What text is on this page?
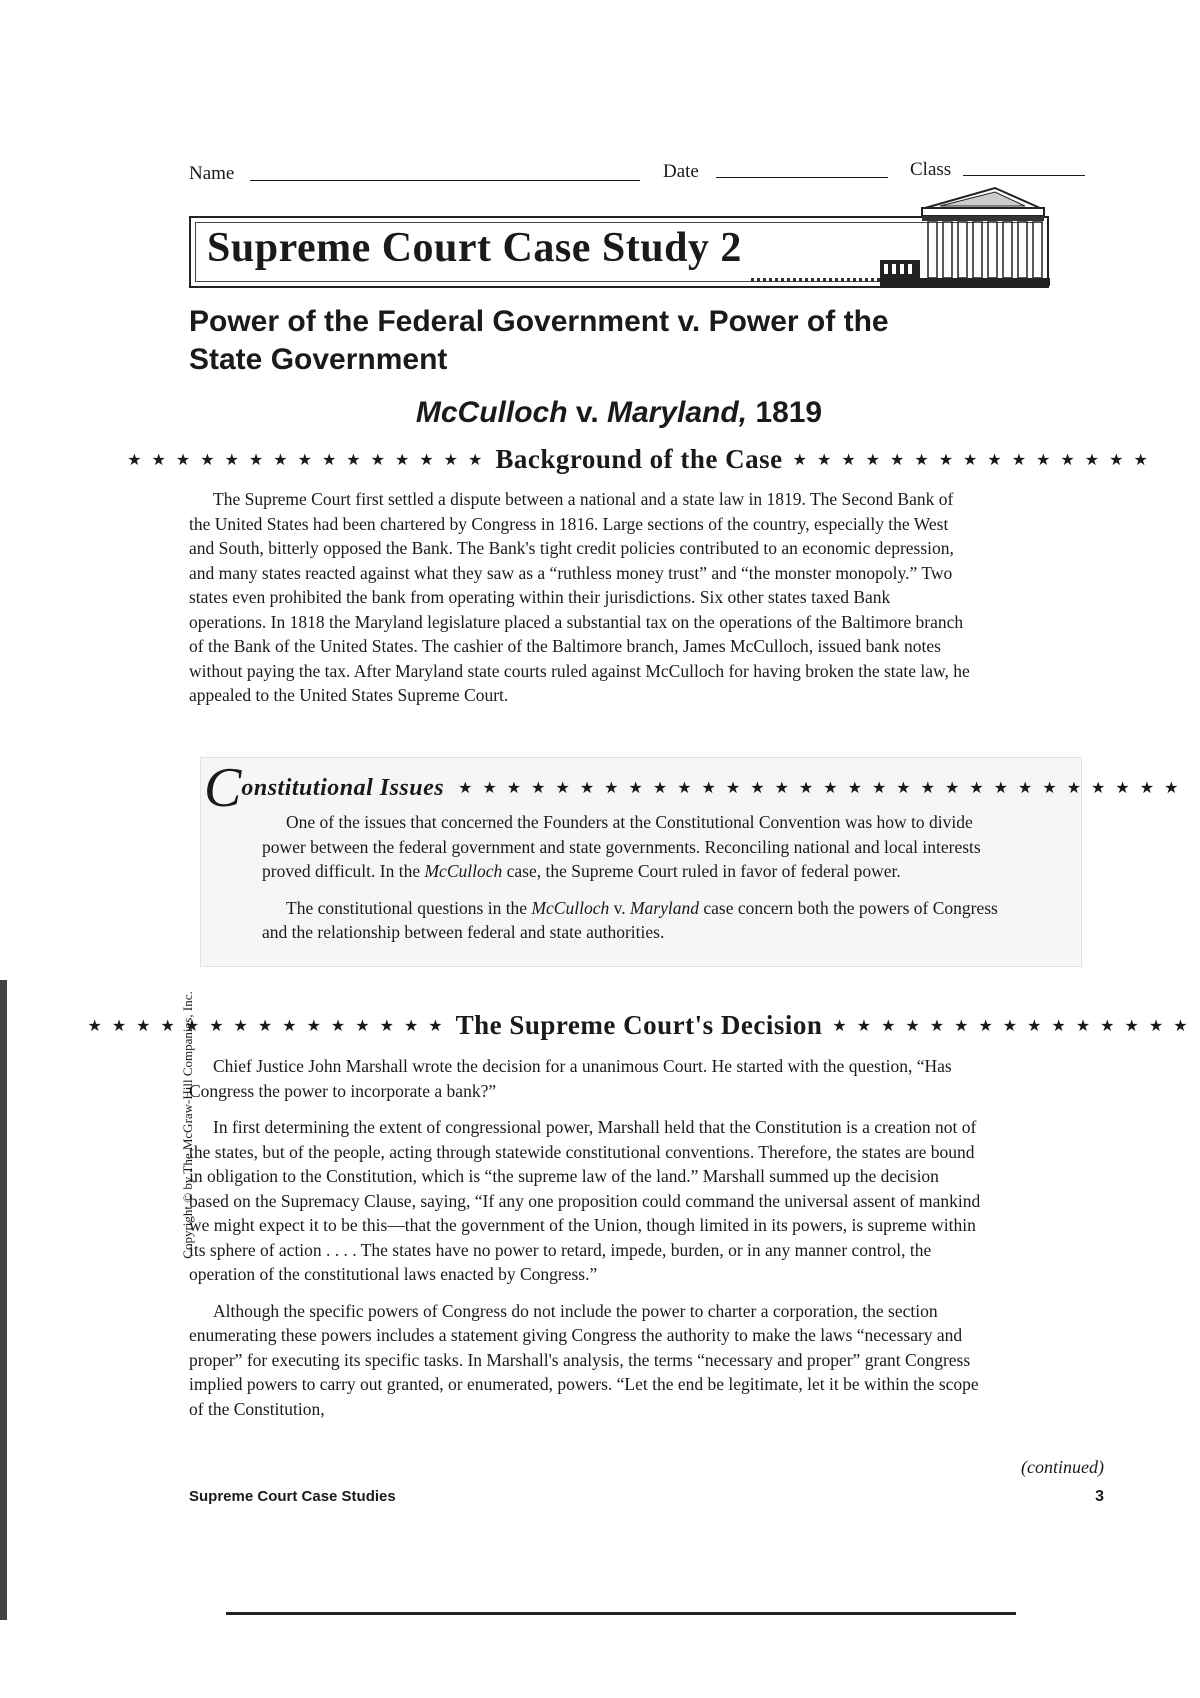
Name	Date	Class
Supreme Court Case Study 2
Power of the Federal Government v. Power of the
State Government
McCulloch v. Maryland, 1819
★ ★ ★ ★ ★ ★ ★ ★ ★ ★ ★ ★ ★ ★ ★ Background of the Case ★ ★ ★ ★ ★ ★ ★ ★ ★ ★ ★ ★ ★ ★ ★

The Supreme Court first settled a dispute between a national and a state law in 1819. The Second Bank of the United States had been chartered by Congress in 1816. Large sections of the country, especially the West and South, bitterly opposed the Bank. The Bank's tight credit policies contributed to an economic depression, and many states reacted against what they saw as a “ruthless money trust” and “the monster monopoly.” Two states even prohibited the bank from operating within their jurisdictions. Six other states taxed Bank operations. In 1818 the Maryland legislature placed a substantial tax on the operations of the Baltimore branch of the Bank of the United States. The cashier of the Baltimore branch, James McCulloch, issued bank notes without paying the tax. After Maryland state courts ruled against McCulloch for having broken the state law, he appealed to the United States Supreme Court.

C onstitutional Issues ★ ★ ★ ★ ★ ★ ★ ★ ★ ★ ★ ★ ★ ★ ★ ★ ★ ★ ★ ★ ★ ★ ★ ★ ★ ★ ★ ★ ★ ★

One of the issues that concerned the Founders at the Constitutional Convention was how to divide power between the federal government and state governments. Reconciling national and local interests proved difficult. In the McCulloch case, the Supreme Court ruled in favor of federal power.

The constitutional questions in the McCulloch v. Maryland case concern both the powers of Congress and the relationship between federal and state authorities.

★ ★ ★ ★ ★ ★ ★ ★ ★ ★ ★ ★ ★ ★ ★ The Supreme Court's Decision ★ ★ ★ ★ ★ ★ ★ ★ ★ ★ ★ ★ ★ ★ ★

Chief Justice John Marshall wrote the decision for a unanimous Court. He started with the question, “Has Congress the power to incorporate a bank?”

In first determining the extent of congressional power, Marshall held that the Constitution is a creation not of the states, but of the people, acting through statewide constitutional conventions. Therefore, the states are bound in obligation to the Constitution, which is “the supreme law of the land.” Marshall summed up the decision based on the Supremacy Clause, saying, “If any one proposition could command the universal assent of mankind we might expect it to be this—that the government of the Union, though limited in its powers, is supreme within its sphere of action . . . . The states have no power to retard, impede, burden, or in any manner control, the operation of the constitutional laws enacted by Congress.”

Although the specific powers of Congress do not include the power to charter a corporation, the section enumerating these powers includes a statement giving Congress the authority to make the laws “necessary and proper” for executing its specific tasks. In Marshall's analysis, the terms “necessary and proper” grant Congress implied powers to carry out granted, or enumerated, powers. “Let the end be legitimate, let it be within the scope of the Constitution,

Copyright © by The McGraw-Hill Companies, Inc.
(continued)
Supreme Court Case Studies	3
